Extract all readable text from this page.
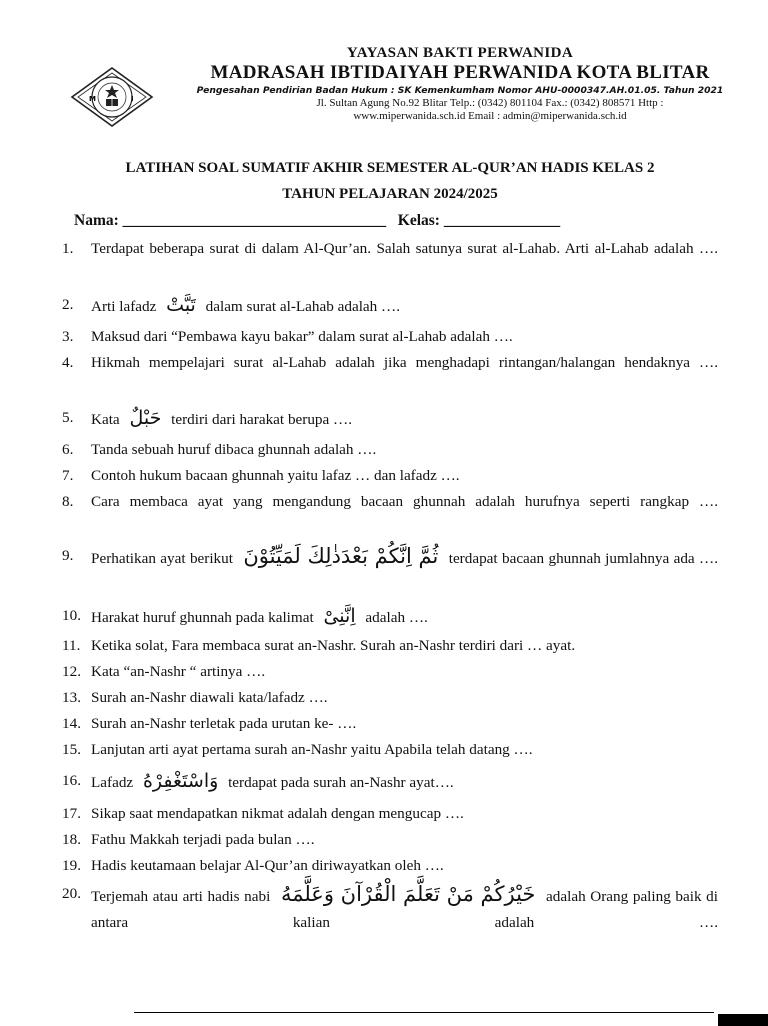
M	I
YAYASAN BAKTI PERWANIDA
MADRASAH IBTIDAIYAH PERWANIDA KOTA BLITAR
Pengesahan Pendirian Badan Hukum : SK Kemenkumham Nomor AHU-0000347.AH.01.05. Tahun 2021
Jl. Sultan Agung No.92 Blitar Telp.: (0342) 801104 Fax.: (0342) 808571 Http :
www.miperwanida.sch.id Email : admin@miperwanida.sch.id
LATIHAN SOAL SUMATIF AKHIR SEMESTER AL-QUR’AN HADIS KELAS 2
TAHUN PELAJARAN 2024/2025
Nama: __________________________________ Kelas: _______________
1. Terdapat beberapa surat di dalam Al-Qur’an. Salah satunya surat al-Lahab. Arti al-Lahab adalah ….
2. Arti lafadz تَبَّتْ dalam surat al-Lahab adalah ….
3. Maksud dari “Pembawa kayu bakar” dalam surat al-Lahab adalah ….
4. Hikmah mempelajari surat al-Lahab adalah jika menghadapi rintangan/halangan hendaknya ….
5. Kata حَبْلٌ terdiri dari harakat berupa ….
6. Tanda sebuah huruf dibaca ghunnah adalah ….
7. Contoh hukum bacaan ghunnah yaitu lafaz … dan lafadz ….
8. Cara membaca ayat yang mengandung bacaan ghunnah adalah hurufnya seperti rangkap ….
9. Perhatikan ayat berikut ثُمَّ اِنَّكُمْ بَعْدَذٰلِكَ لَمَيِّتُوْنَ terdapat bacaan ghunnah jumlahnya ada ….
10. Harakat huruf ghunnah pada kalimat اِنَّنِىْ adalah ….
11. Ketika solat, Fara membaca surat an-Nashr. Surah an-Nashr terdiri dari … ayat.
12. Kata “an-Nashr “ artinya ….
13. Surah an-Nashr diawali kata/lafadz ….
14. Surah an-Nashr terletak pada urutan ke- ….
15. Lanjutan arti ayat pertama surah an-Nashr yaitu Apabila telah datang ….
16. Lafadz وَاسْتَغْفِرْهُ terdapat pada surah an-Nashr ayat….
17. Sikap saat mendapatkan nikmat adalah dengan mengucap ….
18. Fathu Makkah terjadi pada bulan ….
19. Hadis keutamaan belajar Al-Qur’an diriwayatkan oleh ….
20. Terjemah atau arti hadis nabi خَيْرُكُمْ مَنْ تَعَلَّمَ الْقُرْآنَ وَعَلَّمَهُ adalah Orang paling baik di antara kalian adalah ….
